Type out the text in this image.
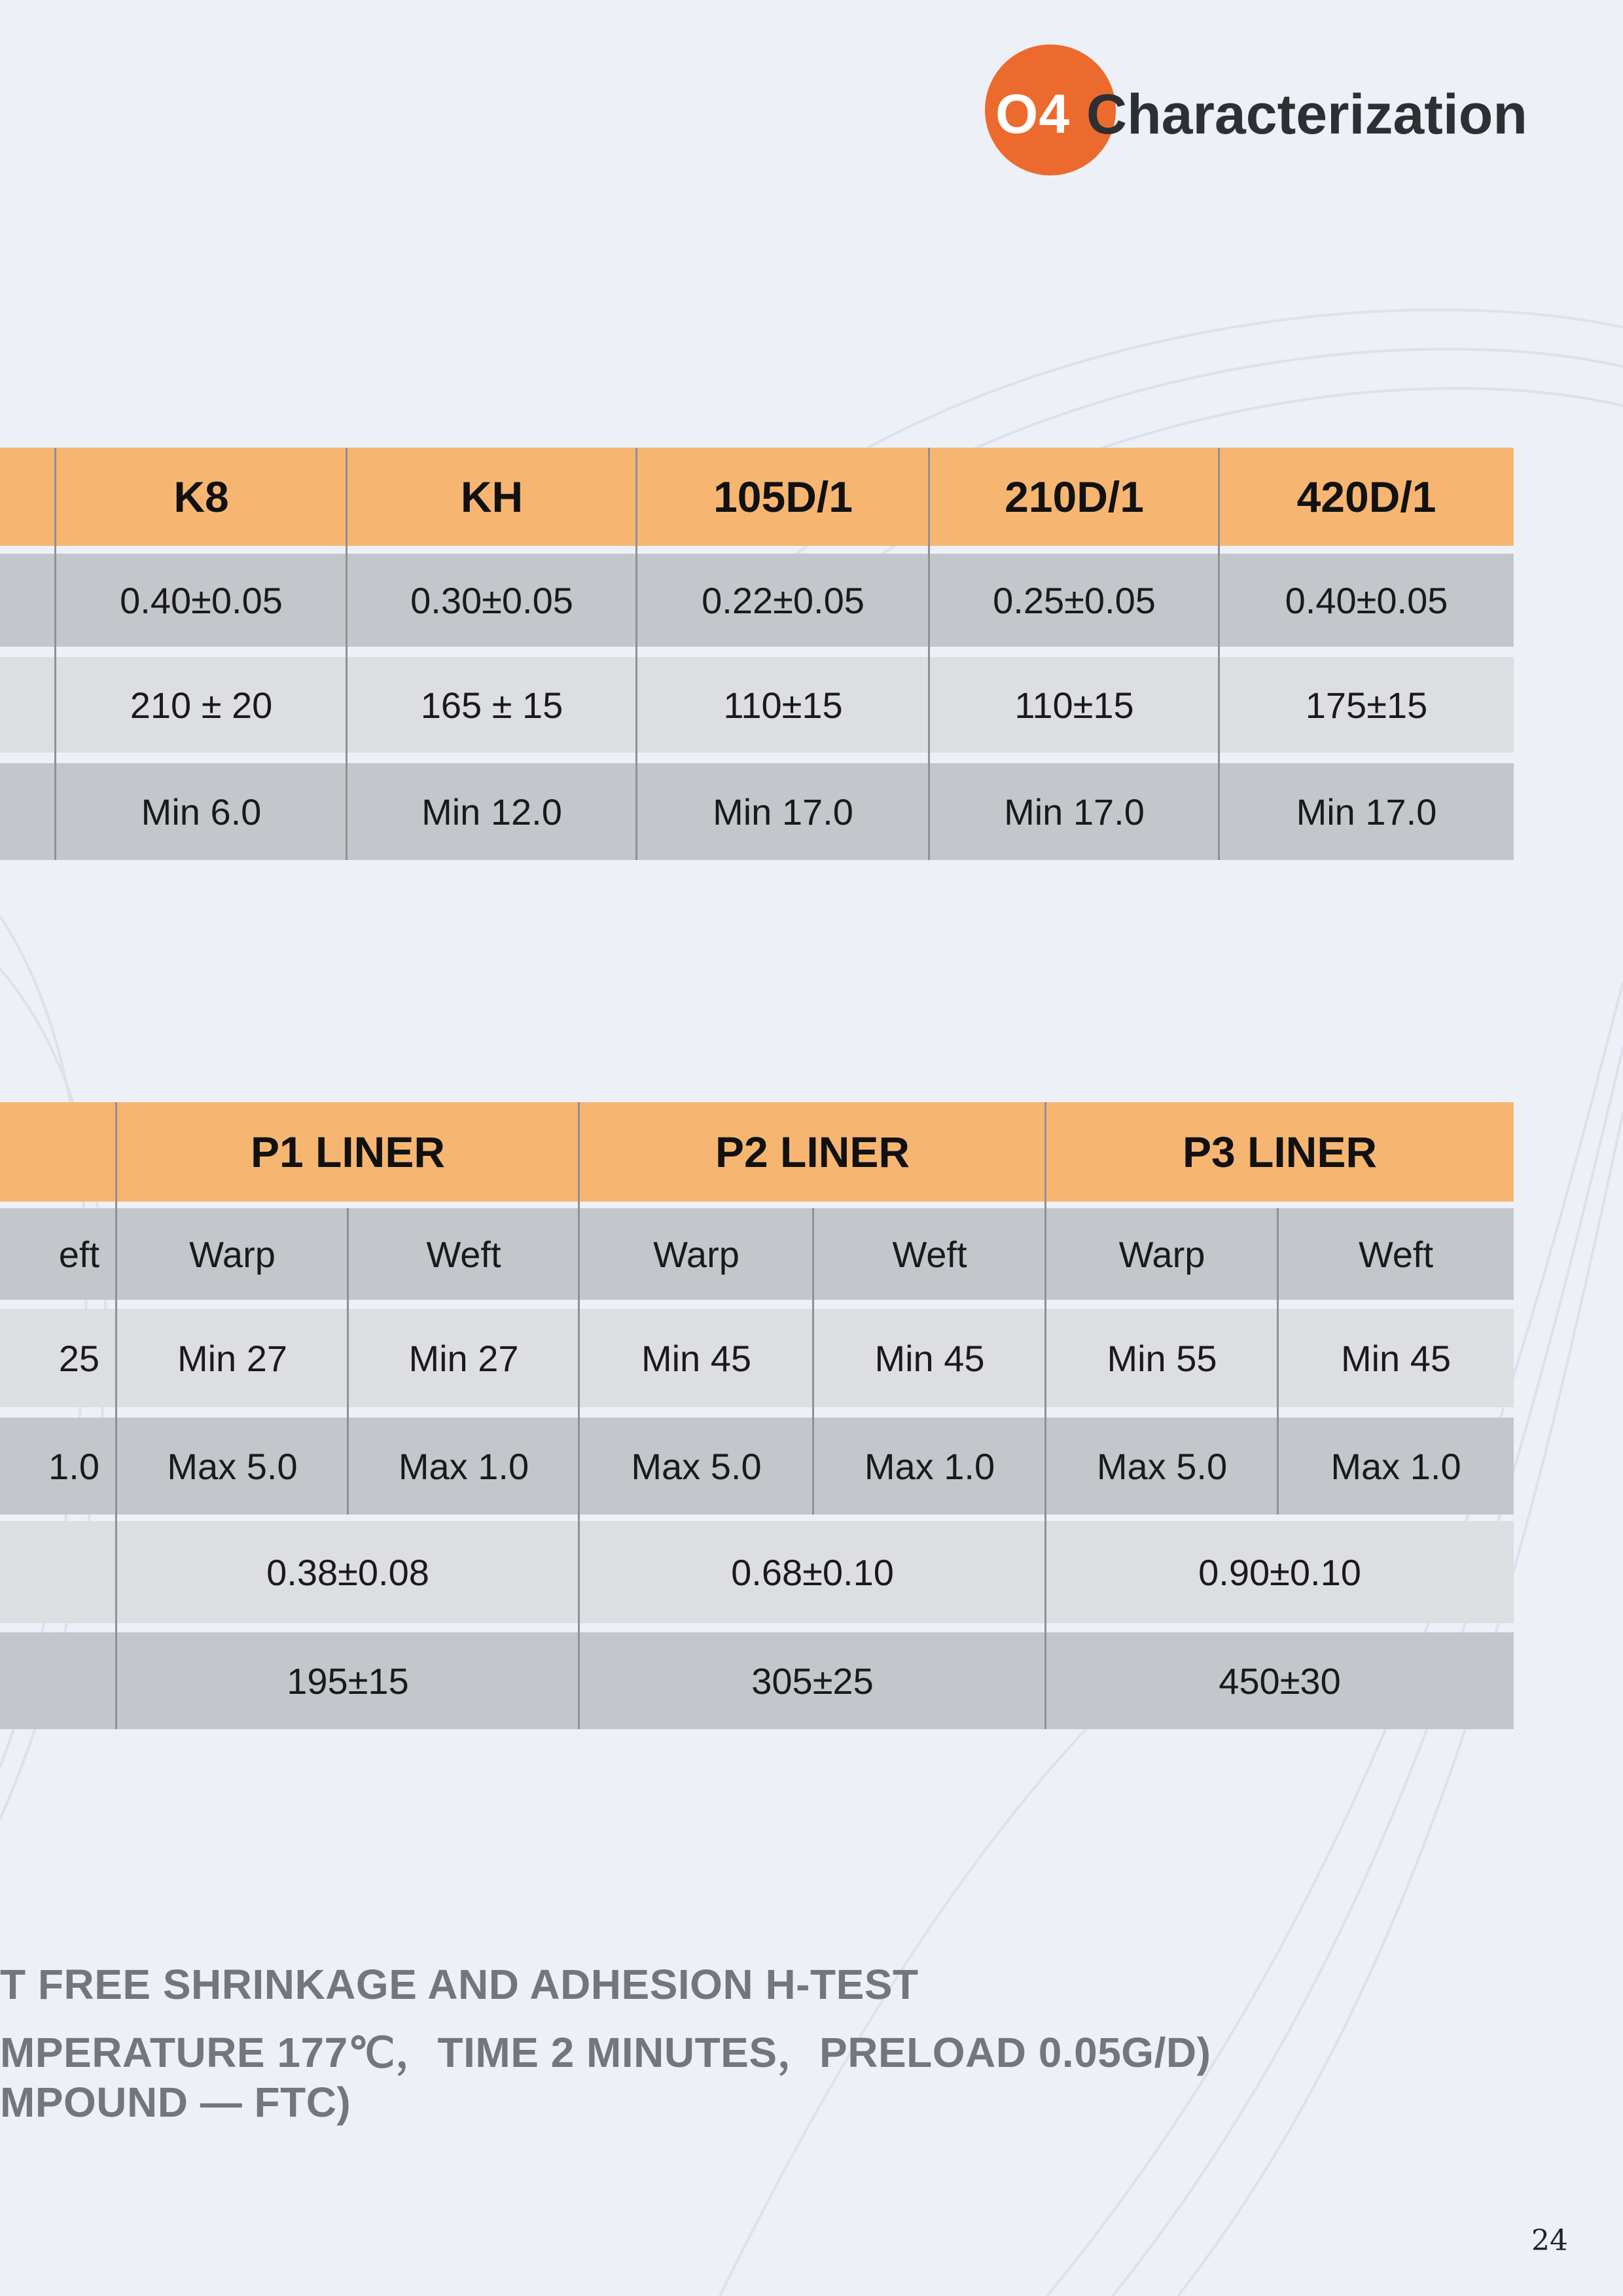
O4 Characterization
K8	KH	105D/1	210D/1	420D/1
0.40±0.05	0.30±0.05	0.22±0.05	0.25±0.05	0.40±0.05
210 ± 20	165 ± 15	110±15	110±15	175±15
Min 6.0	Min 12.0	Min 17.0	Min 17.0	Min 17.0
P1 LINER	P2 LINER	P3 LINER
eft	Warp	Weft	Warp	Weft	Warp	Weft
25	Min 27	Min 27	Min 45	Min 45	Min 55	Min 45
1.0	Max 5.0	Max 1.0	Max 5.0	Max 1.0	Max 5.0	Max 1.0
0.38±0.08	0.68±0.10	0.90±0.10
195±15	305±25	450±30
T FREE SHRINKAGE AND ADHESION H-TEST
MPERATURE 177℃，TIME 2 MINUTES，PRELOAD 0.05G/D)
MPOUND — FTC)
24
